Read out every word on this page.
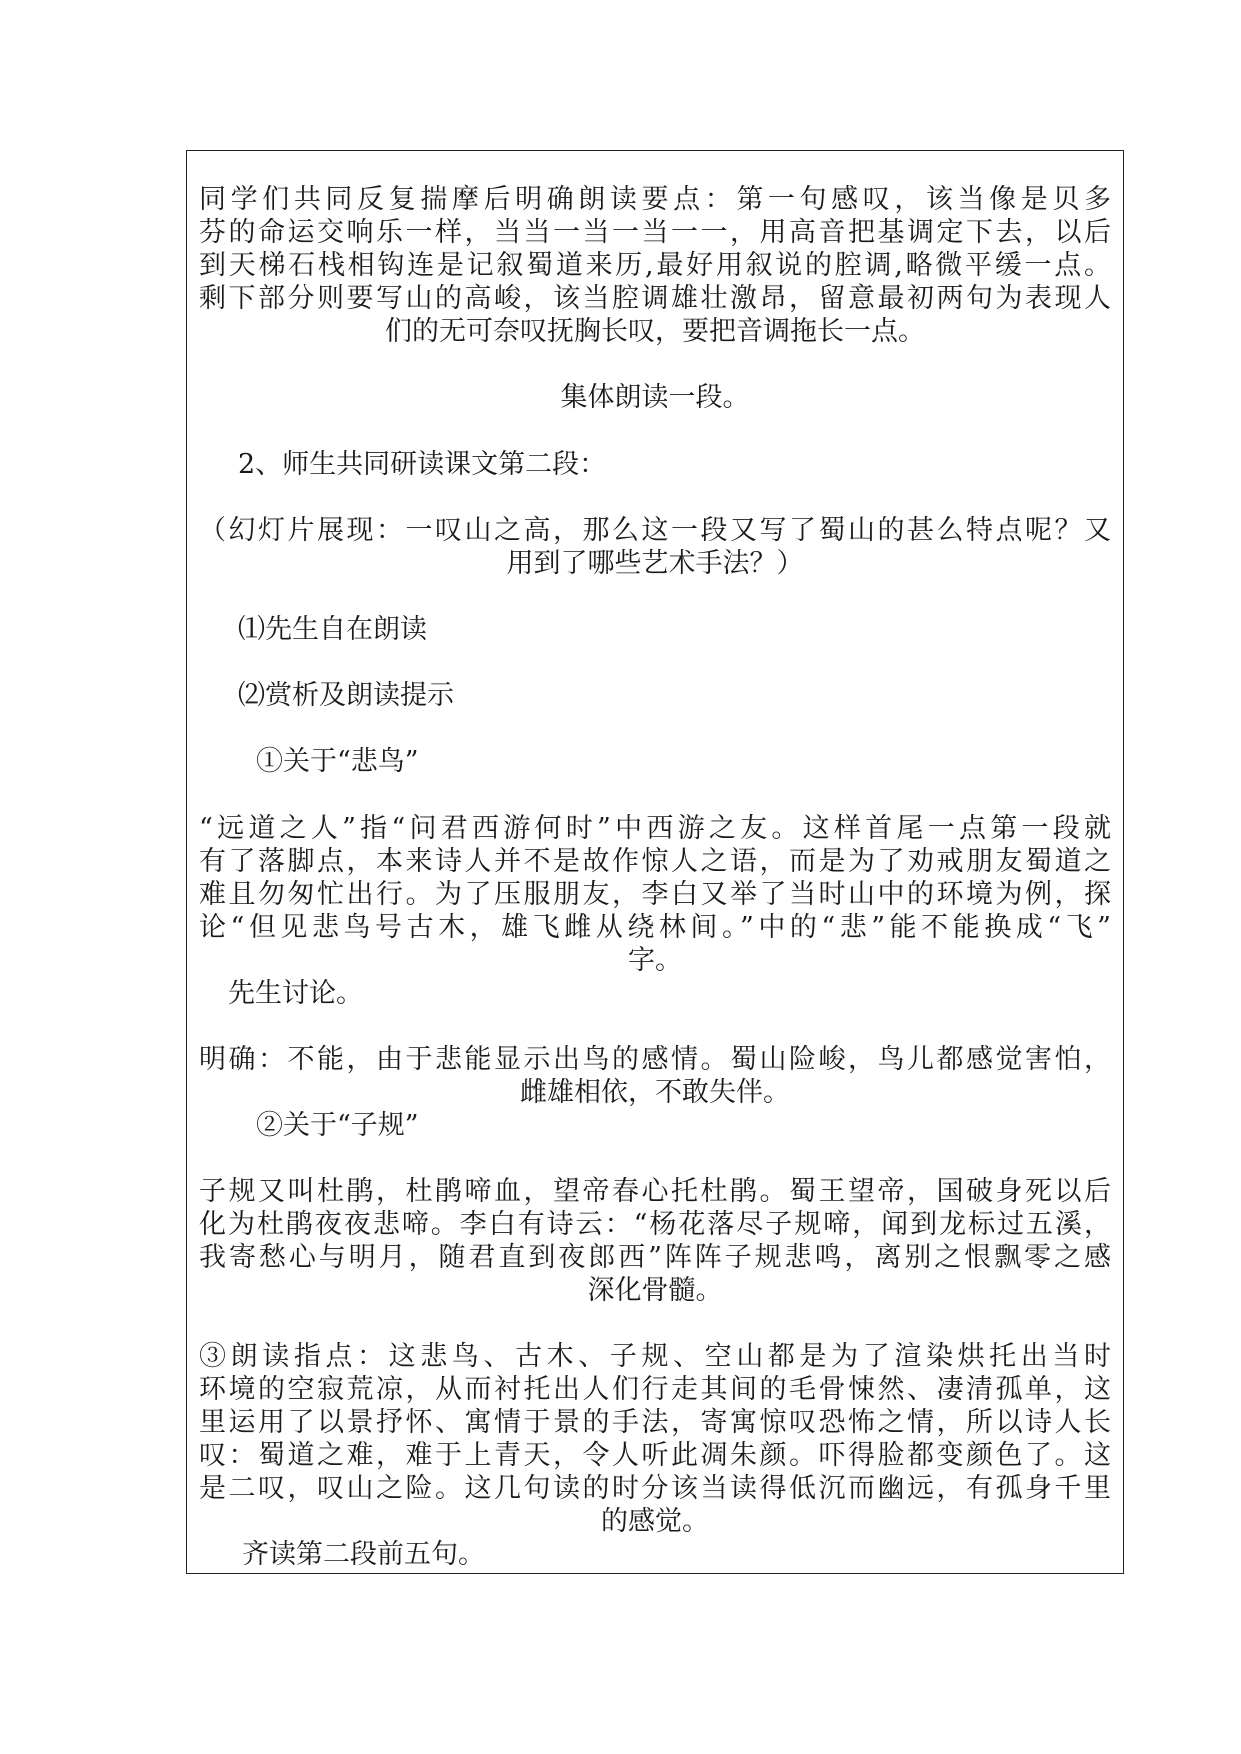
同学们共同反复揣摩后明确朗读要点：第一句感叹，该当像是贝多
芬的命运交响乐一样，当当一当一当一一，用高音把基调定下去，以后
到天梯石栈相钩连是记叙蜀道来历,最好用叙说的腔调,略微平缓一点。
剩下部分则要写山的高峻，该当腔调雄壮激昂，留意最初两句为表现人
们的无可奈叹抚胸长叹，要把音调拖长一点。
集体朗读一段。
2、师生共同研读课文第二段：
（幻灯片展现：一叹山之高，那么这一段又写了蜀山的甚么特点呢？又
用到了哪些艺术手法？）
⑴先生自在朗读
⑵赏析及朗读提示
①关于“悲鸟”
“远道之人”指“问君西游何时”中西游之友。这样首尾一点第一段就
有了落脚点，本来诗人并不是故作惊人之语，而是为了劝戒朋友蜀道之
难且勿匆忙出行。为了压服朋友，李白又举了当时山中的环境为例，探
论“但见悲鸟号古木，雄飞雌从绕林间。”中的“悲”能不能换成“飞”
字。
先生讨论。
明确：不能，由于悲能显示出鸟的感情。蜀山险峻，鸟儿都感觉害怕，
雌雄相依，不敢失伴。
②关于“子规”
子规又叫杜鹃，杜鹃啼血，望帝春心托杜鹃。蜀王望帝，国破身死以后
化为杜鹃夜夜悲啼。李白有诗云：“杨花落尽子规啼，闻到龙标过五溪，
我寄愁心与明月，随君直到夜郎西”阵阵子规悲鸣，离别之恨飘零之感
深化骨髓。
③朗读指点：这悲鸟、古木、子规、空山都是为了渲染烘托出当时
环境的空寂荒凉，从而衬托出人们行走其间的毛骨悚然、凄清孤单，这
里运用了以景抒怀、寓情于景的手法，寄寓惊叹恐怖之情，所以诗人长
叹：蜀道之难，难于上青天，令人听此凋朱颜。吓得脸都变颜色了。这
是二叹，叹山之险。这几句读的时分该当读得低沉而幽远，有孤身千里
的感觉。
齐读第二段前五句。
